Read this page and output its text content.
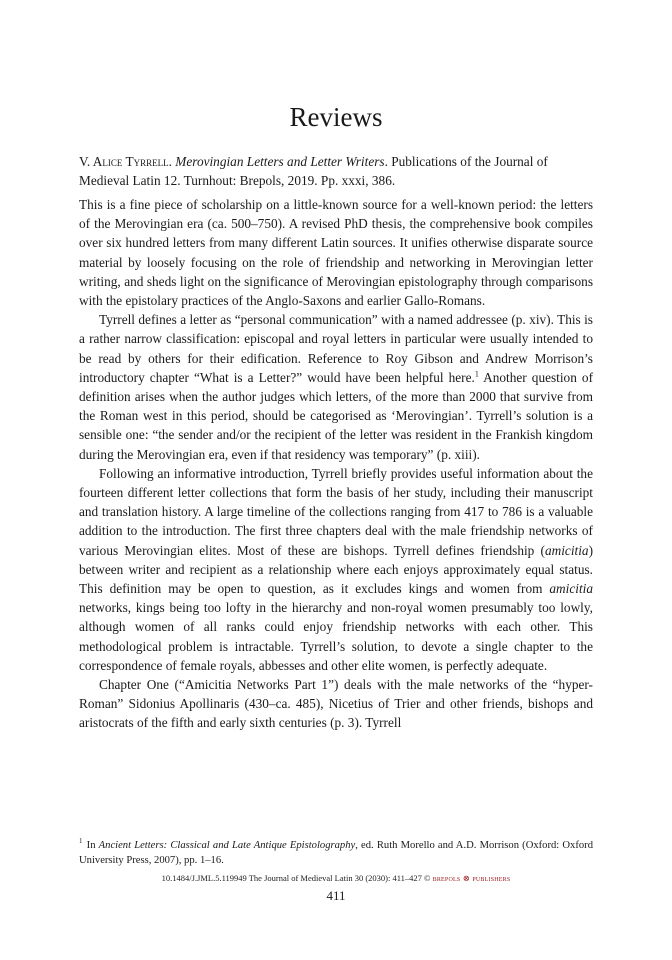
Reviews
V. Alice Tyrrell. Merovingian Letters and Letter Writers. Publications of the Journal of Medieval Latin 12. Turnhout: Brepols, 2019. Pp. xxxi, 386.

This is a fine piece of scholarship on a little-known source for a well-known period: the letters of the Merovingian era (ca. 500–750). A revised PhD thesis, the comprehensive book compiles over six hundred letters from many different Latin sources. It unifies otherwise disparate source material by loosely focusing on the role of friendship and networking in Merovingian letter writing, and sheds light on the significance of Merovingian epistolography through comparisons with the epistolary practices of the Anglo-Saxons and earlier Gallo-Romans.

Tyrrell defines a letter as “personal communication” with a named addressee (p. xiv). This is a rather narrow classification: episcopal and royal letters in particular were usually intended to be read by others for their edification. Reference to Roy Gibson and Andrew Morrison’s introductory chapter “What is a Letter?” would have been helpful here.$^1$ Another question of definition arises when the author judges which letters, of the more than 2000 that survive from the Roman west in this period, should be categorised as ‘Merovingian’. Tyrrell’s solution is a sensible one: “the sender and/or the recipient of the letter was resident in the Frankish kingdom during the Merovingian era, even if that residency was temporary” (p. xiii).

Following an informative introduction, Tyrrell briefly provides useful information about the fourteen different letter collections that form the basis of her study, including their manuscript and translation history. A large timeline of the collections ranging from 417 to 786 is a valuable addition to the introduction. The first three chapters deal with the male friendship networks of various Merovingian elites. Most of these are bishops. Tyrrell defines friendship (amicitia) between writer and recipient as a relationship where each enjoys approximately equal status. This definition may be open to question, as it excludes kings and women from amicitia networks, kings being too lofty in the hierarchy and non-royal women presumably too lowly, although women of all ranks could enjoy friendship networks with each other. This methodological problem is intractable. Tyrrell’s solution, to devote a single chapter to the correspondence of female royals, abbesses and other elite women, is perfectly adequate.

Chapter One (“Amicitia Networks Part 1”) deals with the male networks of the “hyper-Roman” Sidonius Apollinaris (430–ca. 485), Nicetius of Trier and other friends, bishops and aristocrats of the fifth and early sixth centuries (p. 3). Tyrrell

$^1$ In Ancient Letters: Classical and Late Antique Epistolography, ed. Ruth Morello and A.D. Morrison (Oxford: Oxford University Press, 2007), pp. 1–16.
10.1484/J.JML.5.119949 The Journal of Medieval Latin 30 (2030): 411–427 © brepols ⊗ publishers
411
